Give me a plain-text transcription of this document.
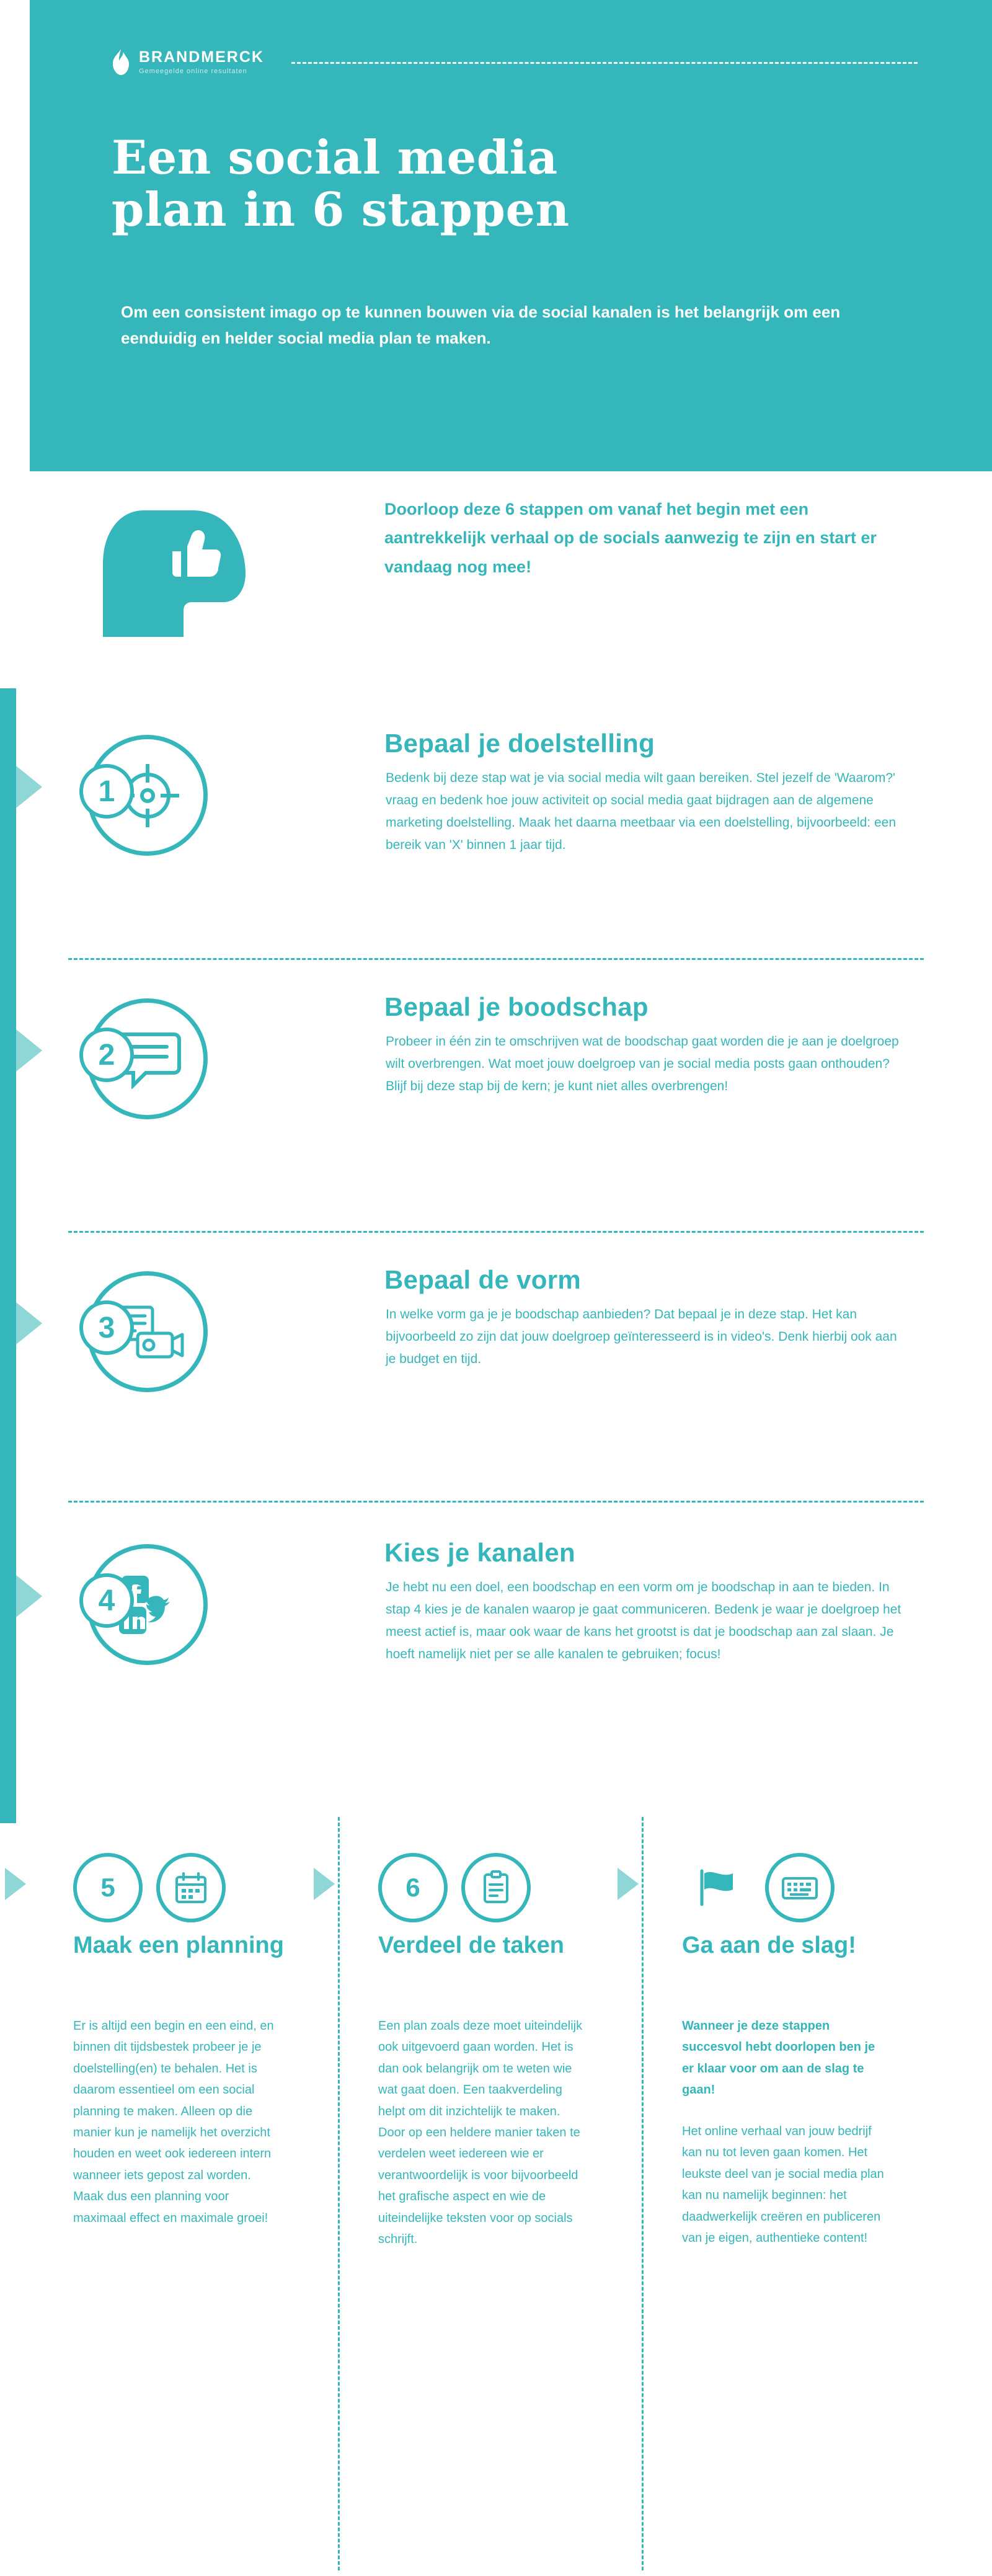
BRANDMERCK
Gemeegelde online resultaten
Een social media
plan in 6 stappen
Om een consistent imago op te kunnen bouwen via de social kanalen is het belangrijk om een eenduidig en helder social media plan te maken.
Doorloop deze 6 stappen om vanaf het begin met een aantrekkelijk verhaal op de socials aanwezig te zijn en start er vandaag nog mee!
1
Bepaal je doelstelling
Bedenk bij deze stap wat je via social media wilt gaan bereiken. Stel jezelf de 'Waarom?' vraag en bedenk hoe jouw activiteit op social media gaat bijdragen aan de algemene marketing doelstelling. Maak het daarna meetbaar via een doelstelling, bijvoorbeeld: een bereik van 'X' binnen 1 jaar tijd.
2
Bepaal je boodschap
Probeer in één zin te omschrijven wat de boodschap gaat worden die je aan je doelgroep wilt overbrengen. Wat moet jouw doelgroep van je social media posts gaan onthouden? Blijf bij deze stap bij de kern; je kunt niet alles overbrengen!
3
Bepaal de vorm
In welke vorm ga je je boodschap aanbieden? Dat bepaal je in deze stap. Het kan bijvoorbeeld zo zijn dat jouw doelgroep geïnteresseerd is in video's. Denk hierbij ook aan je budget en tijd.
4
Kies je kanalen
Je hebt nu een doel, een boodschap en een vorm om je boodschap in aan te bieden. In stap 4 kies je de kanalen waarop je gaat communiceren. Bedenk je waar je doelgroep het meest actief is, maar ook waar de kans het grootst is dat je boodschap aan zal slaan. Je hoeft namelijk niet per se alle kanalen te gebruiken; focus!
5
Maak een planning
Er is altijd een begin en een eind, en binnen dit tijdsbestek probeer je je doelstelling(en) te behalen. Het is daarom essentieel om een social planning te maken. Alleen op die manier kun je namelijk het overzicht houden en weet ook iedereen intern wanneer iets gepost zal worden. Maak dus een planning voor maximaal effect en maximale groei!
6
Verdeel de taken
Een plan zoals deze moet uiteindelijk ook uitgevoerd gaan worden. Het is dan ook belangrijk om te weten wie wat gaat doen. Een taakverdeling helpt om dit inzichtelijk te maken. Door op een heldere manier taken te verdelen weet iedereen wie er verantwoordelijk is voor bijvoorbeeld het grafische aspect en wie de uiteindelijke teksten voor op socials schrijft.
Ga aan de slag!
Wanneer je deze stappen succesvol hebt doorlopen ben je er klaar voor om aan de slag te gaan!
Het online verhaal van jouw bedrijf kan nu tot leven gaan komen. Het leukste deel van je social media plan kan nu namelijk beginnen: het daadwerkelijk creëren en publiceren van je eigen, authentieke content!
